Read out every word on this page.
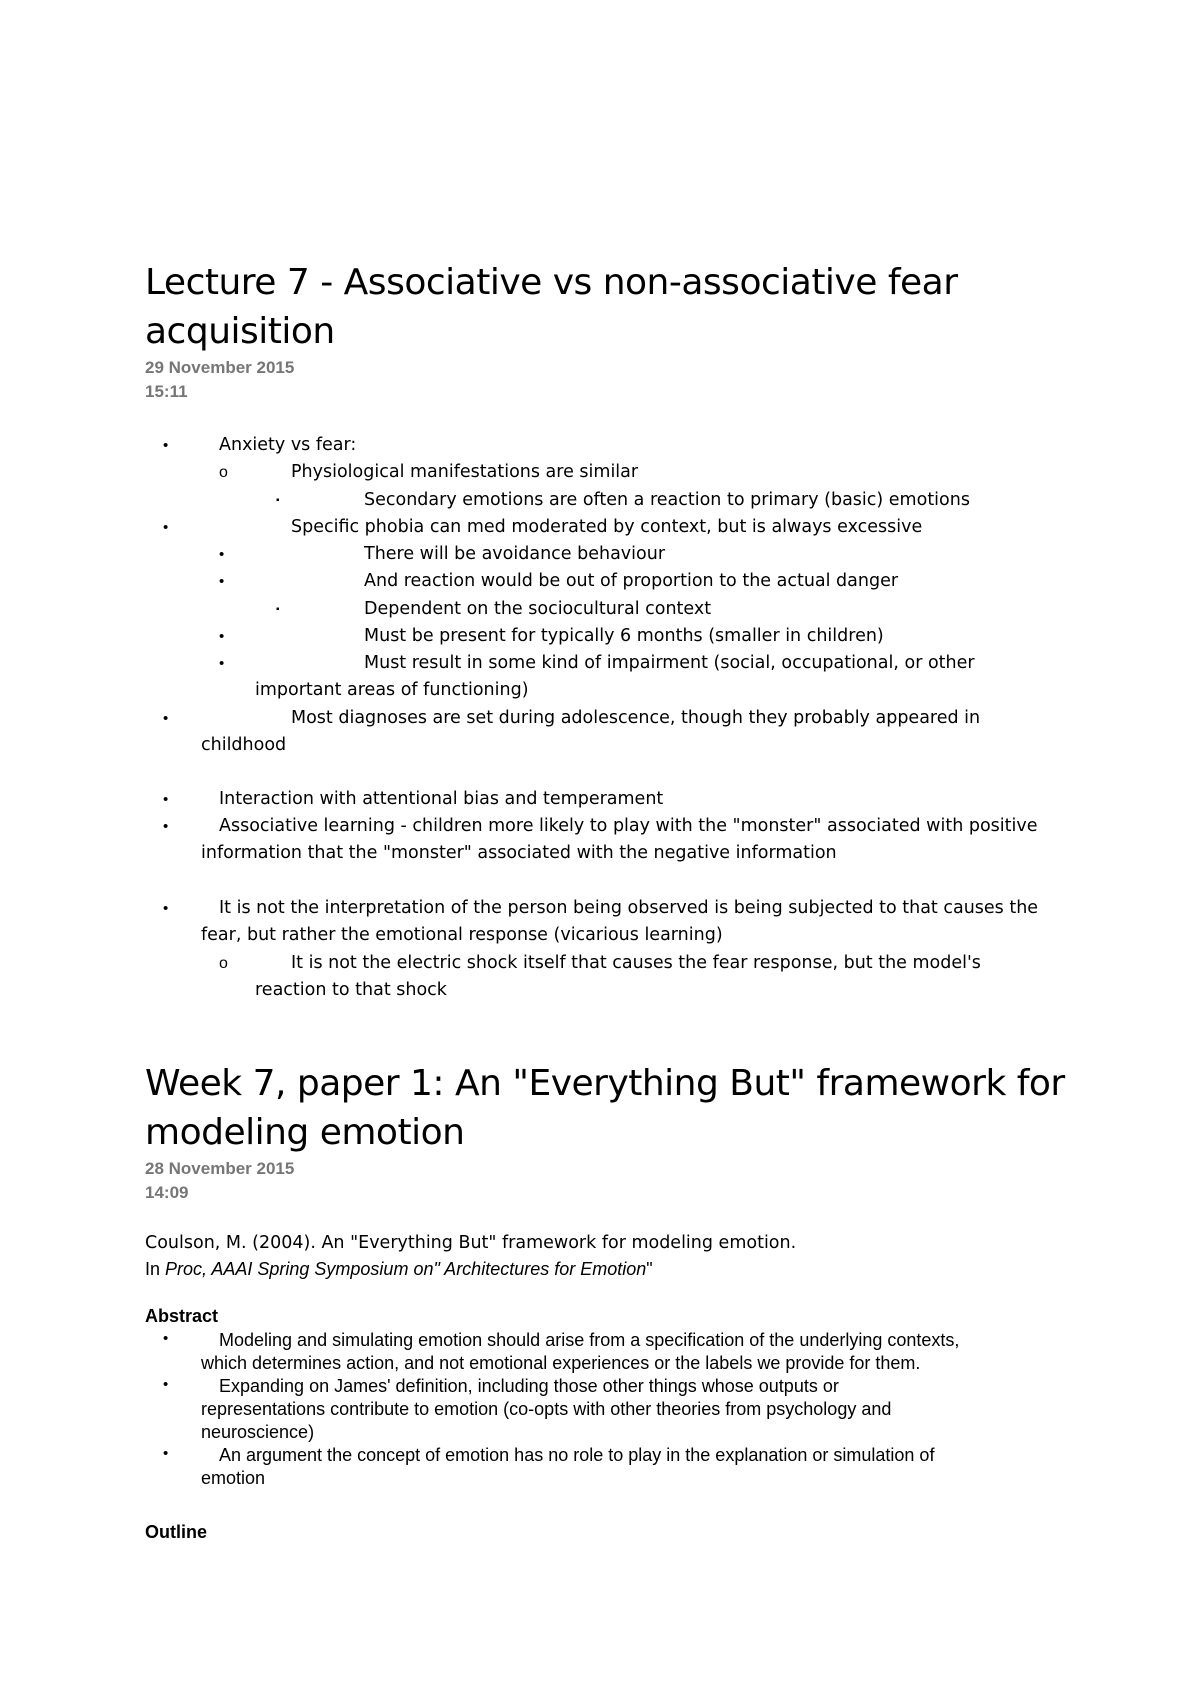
Lecture 7 - Associative vs non-associative fear
acquisition
29 November 2015
15:11
•
o
▪
•
•
•
▪
•
•
•
•
•
•
o
Anxiety vs fear:
Physiological manifestations are similar
Secondary emotions are often a reaction to primary (basic) emotions
Specific phobia can med moderated by context, but is always excessive
There will be avoidance behaviour
And reaction would be out of proportion to the actual danger
Dependent on the sociocultural context
Must be present for typically 6 months (smaller in children)
Must result in some kind of impairment (social, occupational, or other
important areas of functioning)
Most diagnoses are set during adolescence, though they probably appeared in
childhood
Interaction with attentional bias and temperament
Associative learning - children more likely to play with the "monster" associated with positive
information that the "monster" associated with the negative information
It is not the interpretation of the person being observed is being subjected to that causes the
fear, but rather the emotional response (vicarious learning)
It is not the electric shock itself that causes the fear response, but the model's
reaction to that shock
Week 7, paper 1: An "Everything But" framework for
modeling emotion
28 November 2015
14:09
Coulson, M. (2004). An "Everything But" framework for modeling emotion.
In Proc, AAAI Spring Symposium on" Architectures for Emotion"
Abstract
•
•
•
Modeling and simulating emotion should arise from a specification of the underlying contexts,
which determines action, and not emotional experiences or the labels we provide for them.
Expanding on James' definition, including those other things whose outputs or
representations contribute to emotion (co-opts with other theories from psychology and
neuroscience)
An argument the concept of emotion has no role to play in the explanation or simulation of
emotion
Outline
